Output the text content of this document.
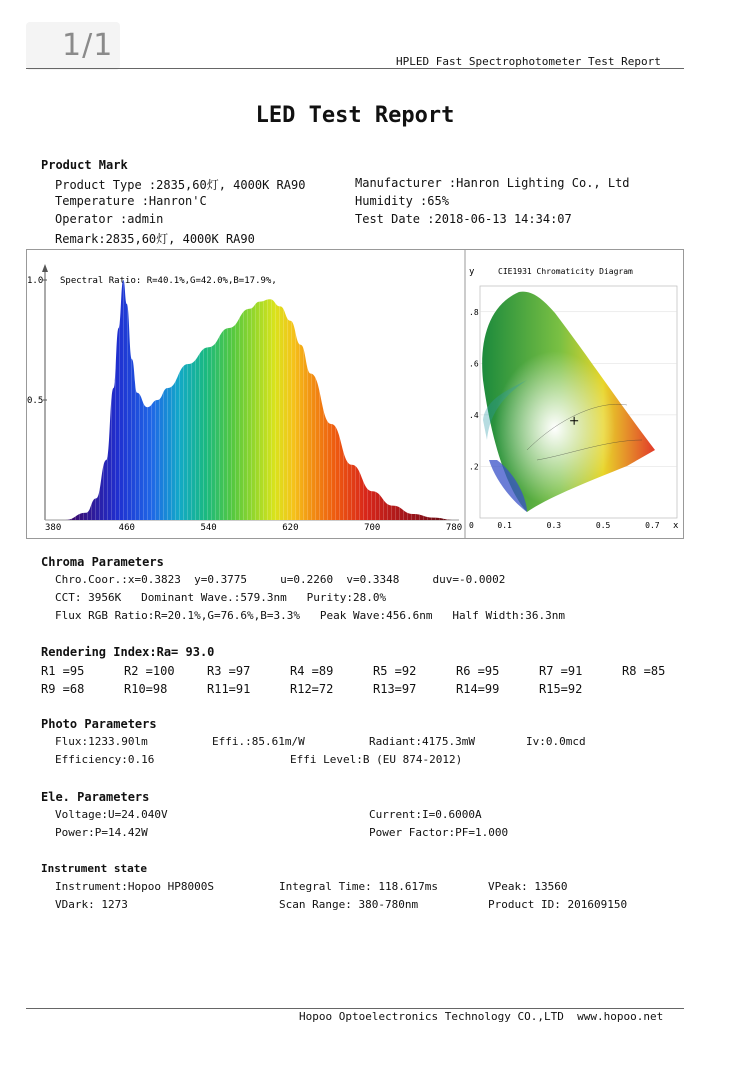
1/1	HPLED Fast Spectrophotometer Test Report
LED Test Report
Product Mark
Product Type :2835,60灯, 4000K RA90	Manufacturer :Hanron Lighting Co., Ltd
Temperature :Hanron'C	Humidity :65%
Operator :admin	Test Date :2018-06-13 14:34:07
Remark:2835,60灯, 4000K RA90
Spectral Ratio: R=40.1%,G=42.0%,B=17.9%,
0.5
1.0
380	460	540	620	700	780
y	CIE1931 Chromaticity Diagram
x
0	0.1	0.3	0.5	0.7
.2
.4
.6
.8
Chroma Parameters
Chro.Coor.:x=0.3823  y=0.3775     u=0.2260  v=0.3348     duv=-0.0002
CCT: 3956K   Dominant Wave.:579.3nm   Purity:28.0%
Flux RGB Ratio:R=20.1%,G=76.6%,B=3.3%   Peak Wave:456.6nm   Half Width:36.3nm
Rendering Index:Ra= 93.0
R1 =95	R2 =100	R3 =97	R4 =89	R5 =92	R6 =95	R7 =91	R8 =85
R9 =68	R10=98	R11=91	R12=72	R13=97	R14=99	R15=92
Photo Parameters
Flux:1233.90lm	Effi.:85.61m/W	Radiant:4175.3mW	Iv:0.0mcd
Efficiency:0.16	Effi Level:B (EU 874-2012)
Ele. Parameters
Voltage:U=24.040V	Current:I=0.6000A
Power:P=14.42W	Power Factor:PF=1.000
Instrument state
Instrument:Hopoo HP8000S	Integral Time: 118.617ms	VPeak: 13560
VDark: 1273	Scan Range: 380-780nm	Product ID: 201609150
Hopoo Optoelectronics Technology CO.,LTD  www.hopoo.net
